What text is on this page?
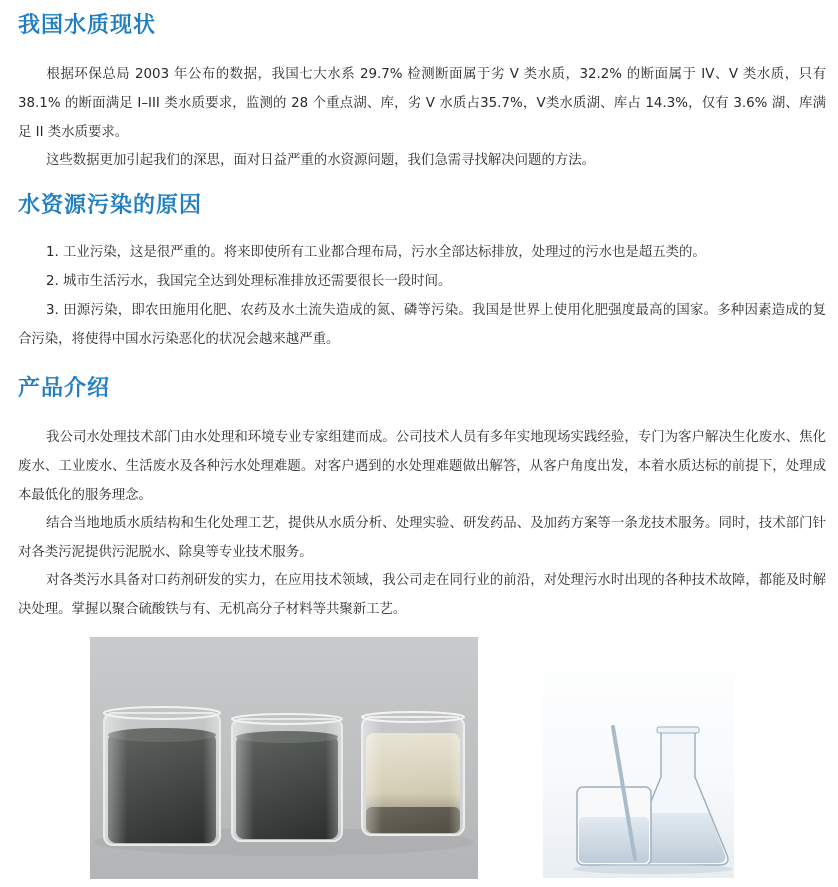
我国水质现状

根据环保总局 2003 年公布的数据，我国七大水系 29.7% 检测断面属于劣 V 类水质，32.2% 的断面属于 IV、V 类水质，只有 38.1% 的断面满足 I–III 类水质要求，监测的 28 个重点湖、库，劣 V 水质占35.7%，V类水质湖、库占 14.3%，仅有 3.6% 湖、库满足 II 类水质要求。

这些数据更加引起我们的深思，面对日益严重的水资源问题，我们急需寻找解决问题的方法。

水资源污染的原因

1. 工业污染，这是很严重的。将来即使所有工业都合理布局，污水全部达标排放，处理过的污水也是超五类的。

2. 城市生活污水，我国完全达到处理标准排放还需要很长一段时间。

3. 田源污染，即农田施用化肥、农药及水土流失造成的氮、磷等污染。我国是世界上使用化肥强度最高的国家。多种因素造成的复合污染，将使得中国水污染恶化的状况会越来越严重。

产品介绍

我公司水处理技术部门由水处理和环境专业专家组建而成。公司技术人员有多年实地现场实践经验，专门为客户解决生化废水、焦化废水、工业废水、生活废水及各种污水处理难题。对客户遇到的水处理难题做出解答，从客户角度出发，本着水质达标的前提下，处理成本最低化的服务理念。

结合当地地质水质结构和生化处理工艺，提供从水质分析、处理实验、研发药品、及加药方案等一条龙技术服务。同时，技术部门针对各类污泥提供污泥脱水、除臭等专业技术服务。

对各类污水具备对口药剂研发的实力，在应用技术领域，我公司走在同行业的前沿，对处理污水时出现的各种技术故障，都能及时解决处理。掌握以聚合硫酸铁与有、无机高分子材料等共聚新工艺。
